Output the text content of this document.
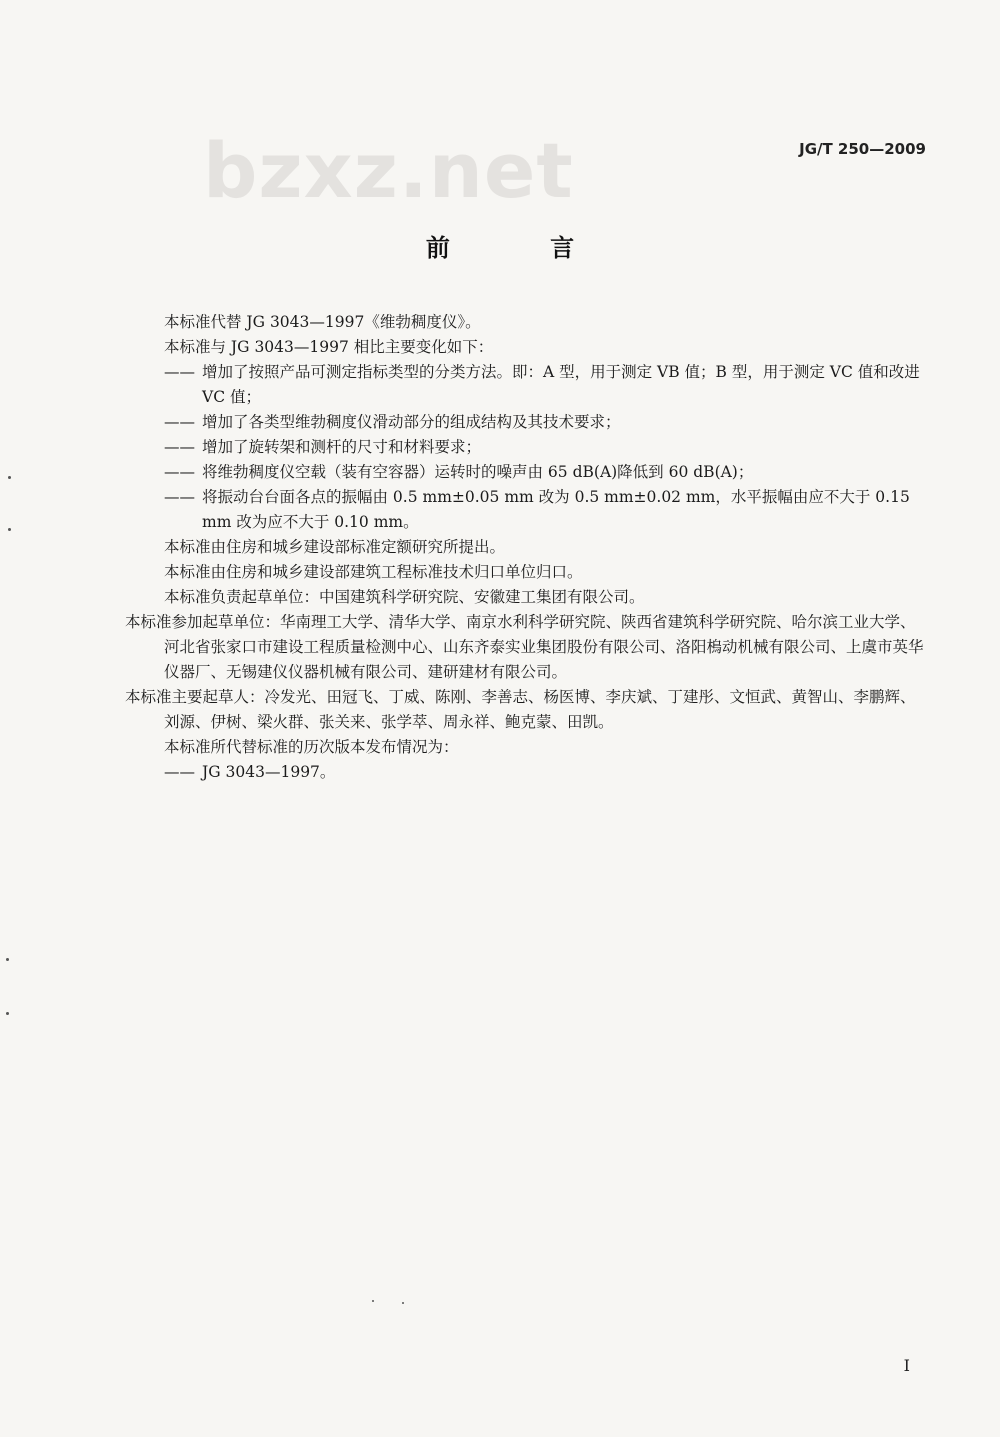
bzxz.net	JG/T 250—2009
前 言

本标准代替 JG 3043—1997《维勃稠度仪》。

本标准与 JG 3043—1997 相比主要变化如下：

—— 增加了按照产品可测定指标类型的分类方法。即：A 型，用于测定 VB 值；B 型，用于测定 VC 值和改进 VC 值；
—— 增加了各类型维勃稠度仪滑动部分的组成结构及其技术要求；
—— 增加了旋转架和测杆的尺寸和材料要求；
—— 将维勃稠度仪空载（装有空容器）运转时的噪声由 65 dB(A)降低到 60 dB(A)；
—— 将振动台台面各点的振幅由 0.5 mm±0.05 mm 改为 0.5 mm±0.02 mm，水平振幅由应不大于 0.15 mm 改为应不大于 0.10 mm。

本标准由住房和城乡建设部标准定额研究所提出。

本标准由住房和城乡建设部建筑工程标准技术归口单位归口。

本标准负责起草单位：中国建筑科学研究院、安徽建工集团有限公司。

本标准参加起草单位：华南理工大学、清华大学、南京水利科学研究院、陕西省建筑科学研究院、哈尔滨工业大学、河北省张家口市建设工程质量检测中心、山东齐泰实业集团股份有限公司、洛阳㮧动机械有限公司、上虞市英华仪器厂、无锡建仪仪器机械有限公司、建研建材有限公司。

本标准主要起草人：冷发光、田冠飞、丁威、陈刚、李善志、杨医博、李庆斌、丁建彤、文恒武、黄智山、李鹏辉、刘源、伊树、梁火群、张关来、张学萃、周永祥、鲍克蒙、田凯。

本标准所代替标准的历次版本发布情况为：

—— JG 3043—1997。
I
